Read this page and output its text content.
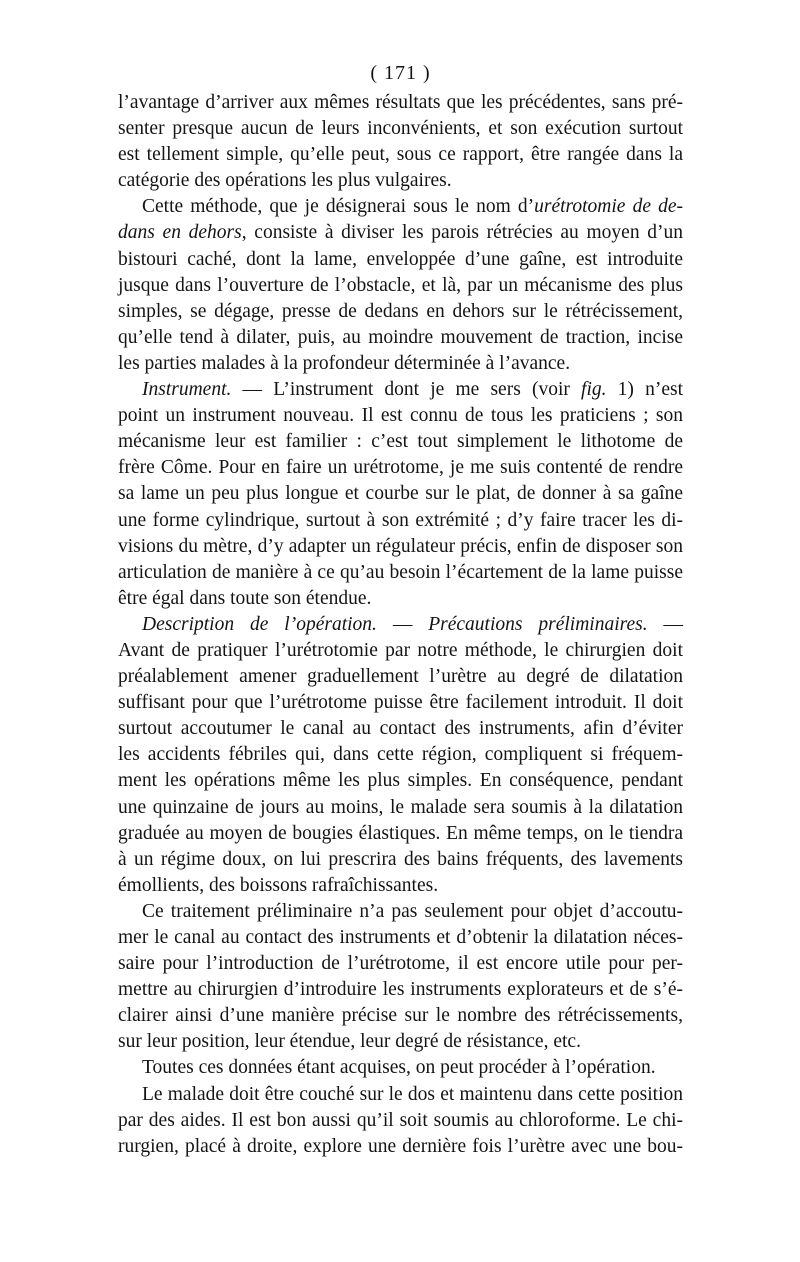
( 171 )
l’avantage d’arriver aux mêmes résultats que les précédentes, sans pré-
senter presque aucun de leurs inconvénients, et son exécution surtout
est tellement simple, qu’elle peut, sous ce rapport, être rangée dans la
catégorie des opérations les plus vulgaires.
Cette méthode, que je désignerai sous le nom d’urétrotomie de de-
dans en dehors, consiste à diviser les parois rétrécies au moyen d’un
bistouri caché, dont la lame, enveloppée d’une gaîne, est introduite
jusque dans l’ouverture de l’obstacle, et là, par un mécanisme des plus
simples, se dégage, presse de dedans en dehors sur le rétrécissement,
qu’elle tend à dilater, puis, au moindre mouvement de traction, incise
les parties malades à la profondeur déterminée à l’avance.
Instrument. — L’instrument dont je me sers (voir fig. 1) n’est
point un instrument nouveau. Il est connu de tous les praticiens ; son
mécanisme leur est familier : c’est tout simplement le lithotome de
frère Côme. Pour en faire un urétrotome, je me suis contenté de rendre
sa lame un peu plus longue et courbe sur le plat, de donner à sa gaîne
une forme cylindrique, surtout à son extrémité ; d’y faire tracer les di-
visions du mètre, d’y adapter un régulateur précis, enfin de disposer son
articulation de manière à ce qu’au besoin l’écartement de la lame puisse
être égal dans toute son étendue.
Description de l’opération. — Précautions préliminaires. —
Avant de pratiquer l’urétrotomie par notre méthode, le chirurgien doit
préalablement amener graduellement l’urètre au degré de dilatation
suffisant pour que l’urétrotome puisse être facilement introduit. Il doit
surtout accoutumer le canal au contact des instruments, afin d’éviter
les accidents fébriles qui, dans cette région, compliquent si fréquem-
ment les opérations même les plus simples. En conséquence, pendant
une quinzaine de jours au moins, le malade sera soumis à la dilatation
graduée au moyen de bougies élastiques. En même temps, on le tiendra
à un régime doux, on lui prescrira des bains fréquents, des lavements
émollients, des boissons rafraîchissantes.
Ce traitement préliminaire n’a pas seulement pour objet d’accoutu-
mer le canal au contact des instruments et d’obtenir la dilatation néces-
saire pour l’introduction de l’urétrotome, il est encore utile pour per-
mettre au chirurgien d’introduire les instruments explorateurs et de s’é-
clairer ainsi d’une manière précise sur le nombre des rétrécissements,
sur leur position, leur étendue, leur degré de résistance, etc.
Toutes ces données étant acquises, on peut procéder à l’opération.
Le malade doit être couché sur le dos et maintenu dans cette position
par des aides. Il est bon aussi qu’il soit soumis au chloroforme. Le chi-
rurgien, placé à droite, explore une dernière fois l’urètre avec une bou-
